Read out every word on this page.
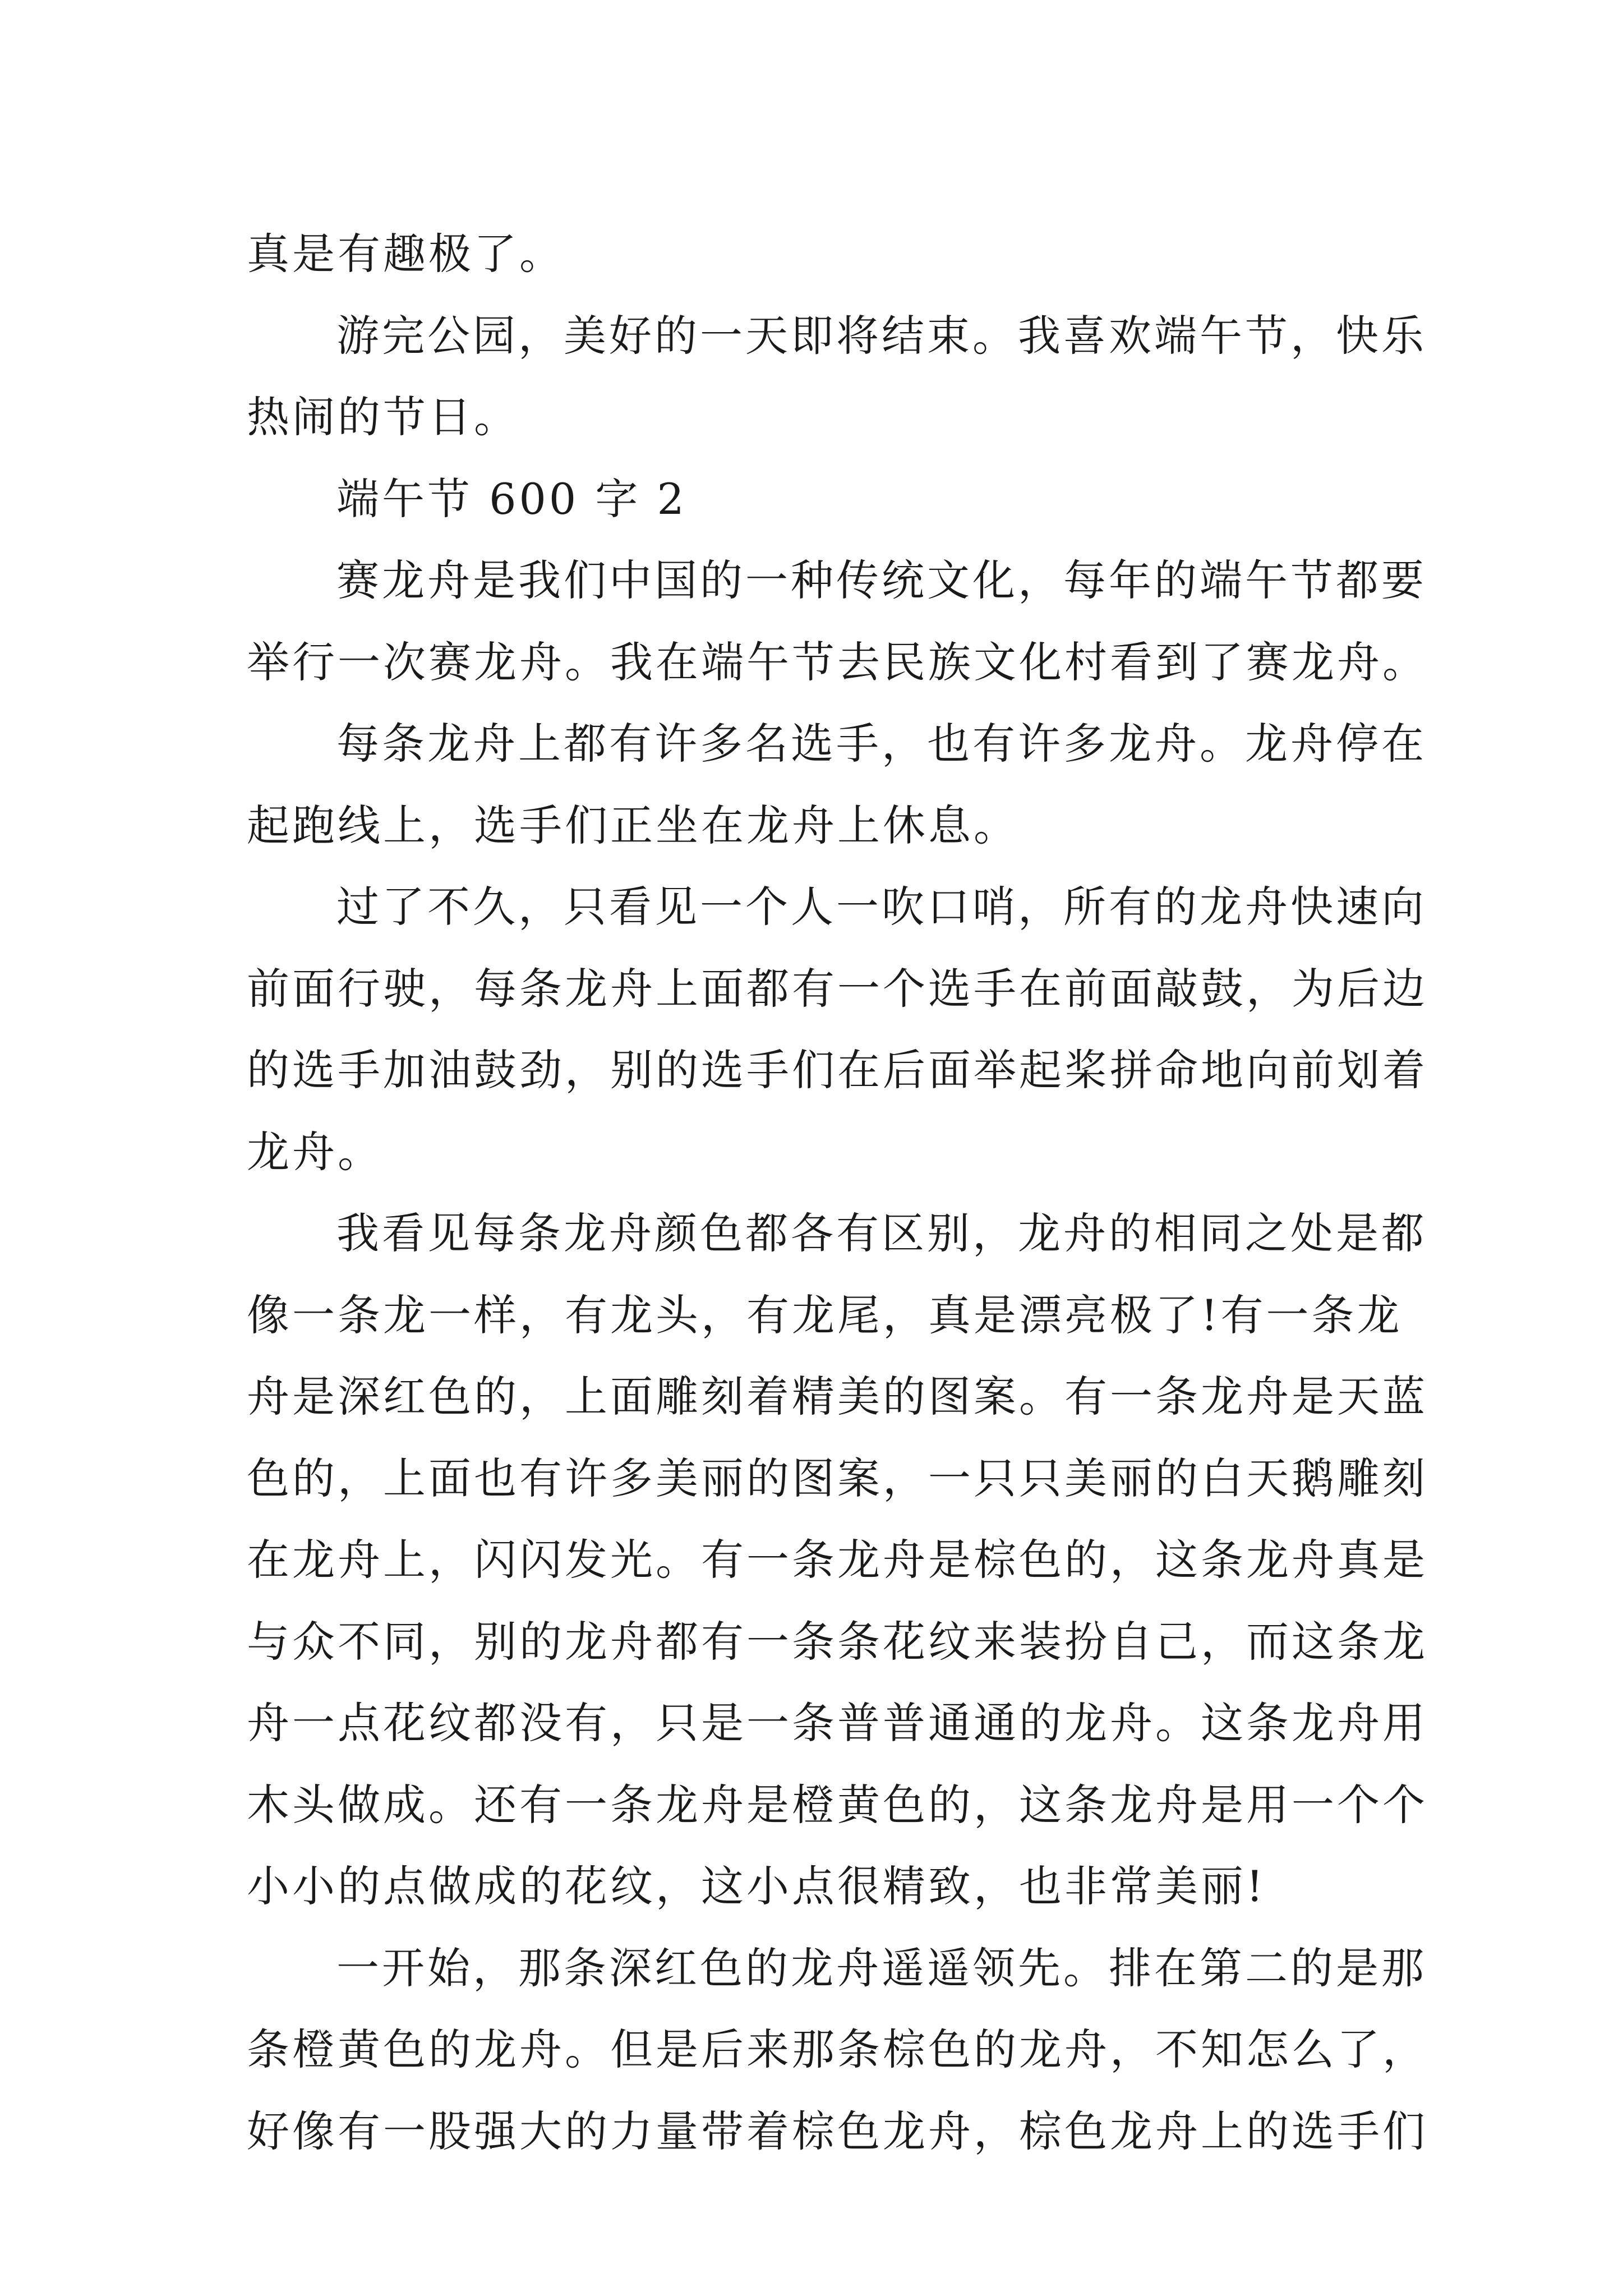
真是有趣极了。
游完公园，美好的一天即将结束。我喜欢端午节，快乐
热闹的节日。
端午节 600 字 2
赛龙舟是我们中国的一种传统文化，每年的端午节都要
举行一次赛龙舟。我在端午节去民族文化村看到了赛龙舟。
每条龙舟上都有许多名选手，也有许多龙舟。龙舟停在
起跑线上，选手们正坐在龙舟上休息。
过了不久，只看见一个人一吹口哨，所有的龙舟快速向
前面行驶，每条龙舟上面都有一个选手在前面敲鼓，为后边
的选手加油鼓劲，别的选手们在后面举起桨拼命地向前划着
龙舟。
我看见每条龙舟颜色都各有区别，龙舟的相同之处是都
像一条龙一样，有龙头，有龙尾，真是漂亮极了!有一条龙
舟是深红色的，上面雕刻着精美的图案。有一条龙舟是天蓝
色的，上面也有许多美丽的图案，一只只美丽的白天鹅雕刻
在龙舟上，闪闪发光。有一条龙舟是棕色的，这条龙舟真是
与众不同，别的龙舟都有一条条花纹来装扮自己，而这条龙
舟一点花纹都没有，只是一条普普通通的龙舟。这条龙舟用
木头做成。还有一条龙舟是橙黄色的，这条龙舟是用一个个
小小的点做成的花纹，这小点很精致，也非常美丽!
一开始，那条深红色的龙舟遥遥领先。排在第二的是那
条橙黄色的龙舟。但是后来那条棕色的龙舟，不知怎么了，
好像有一股强大的力量带着棕色龙舟，棕色龙舟上的选手们
